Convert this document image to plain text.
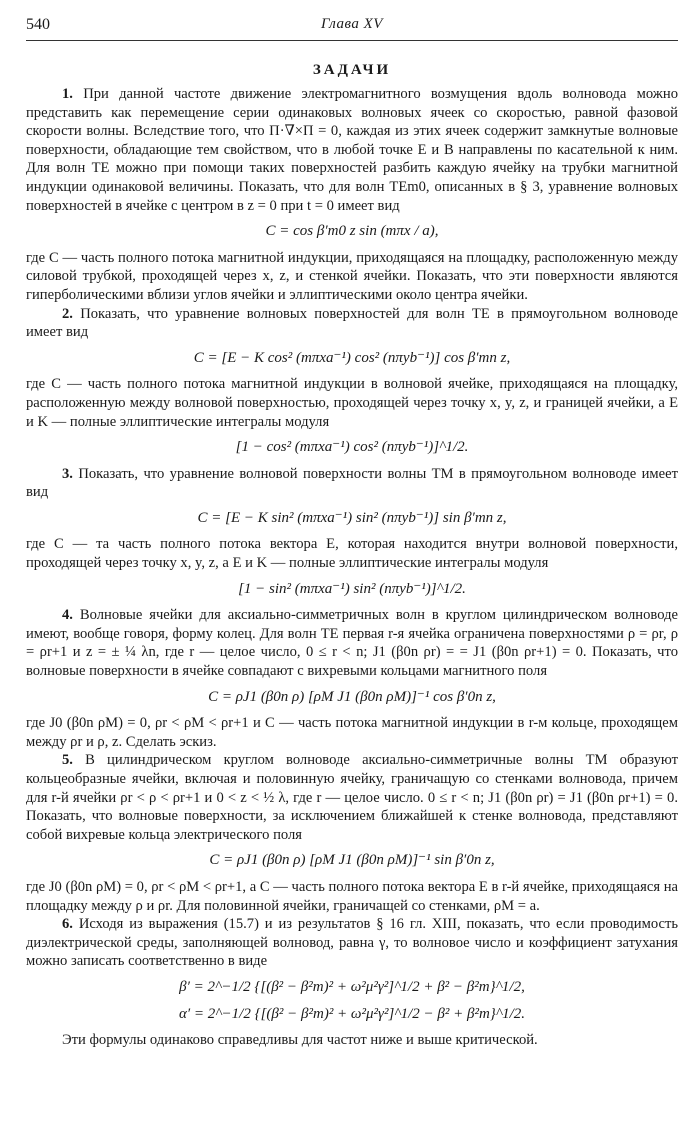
540	Глава XV
ЗАДАЧИ

1. При данной частоте движение электромагнитного возмущения вдоль волновода можно представить как перемещение серии одинаковых волновых ячеек со скоростью, равной фазовой скорости волны. Вследствие того, что Π·∇×Π = 0, каждая из этих ячеек содержит замкнутые волновые поверхности, обладающие тем свойством, что в любой точке E и B направлены по касательной к ним. Для волн TE можно при помощи таких поверхностей разбить каждую ячейку на трубки магнитной индукции одинаковой величины. Показать, что для волн TEm0, описанных в § 3, уравнение волновых поверхностей в ячейке с центром в z = 0 при t = 0 имеет вид

C = cos β′m0 z sin (mπx / a),

где C — часть полного потока магнитной индукции, приходящаяся на площадку, расположенную между силовой трубкой, проходящей через x, z, и стенкой ячейки. Показать, что эти поверхности являются гиперболическими вблизи углов ячейки и эллиптическими около центра ячейки.

2. Показать, что уравнение волновых поверхностей для волн TE в прямоугольном волноводе имеет вид

C = [E − K cos² (mπxa⁻¹) cos² (nπyb⁻¹)] cos β′mn z,

где C — часть полного потока магнитной индукции в волновой ячейке, приходящаяся на площадку, расположенную между волновой поверхностью, проходящей через точку x, y, z, и границей ячейки, а E и K — полные эллиптические интегралы модуля

[1 − cos² (mπxa⁻¹) cos² (nπyb⁻¹)]^1/2.

3. Показать, что уравнение волновой поверхности волны TM в прямоугольном волноводе имеет вид

C = [E − K sin² (mπxa⁻¹) sin² (nπyb⁻¹)] sin β′mn z,

где C — та часть полного потока вектора E, которая находится внутри волновой поверхности, проходящей через точку x, y, z, а E и K — полные эллиптические интегралы модуля

[1 − sin² (mπxa⁻¹) sin² (nπyb⁻¹)]^1/2.

4. Волновые ячейки для аксиально-симметричных волн в круглом цилиндрическом волноводе имеют, вообще говоря, форму колец. Для волн TE первая r-я ячейка ограничена поверхностями ρ = ρr, ρ = ρr+1 и z = ± ¼ λn, где r — целое число, 0 ≤ r < n; J1 (β0n ρr) = = J1 (β0n ρr+1) = 0. Показать, что волновые поверхности в ячейке совпадают с вихревыми кольцами магнитного поля

C = ρJ1 (β0n ρ) [ρM J1 (β0n ρM)]⁻¹ cos β′0n z,

где J0 (β0n ρM) = 0, ρr < ρM < ρr+1 и C — часть потока магнитной индукции в r-м кольце, проходящем между ρr и ρ, z. Сделать эскиз.

5. В цилиндрическом круглом волноводе аксиально-симметричные волны TM образуют кольцеобразные ячейки, включая и половинную ячейку, граничащую со стенками волновода, причем для r-й ячейки ρr < ρ < ρr+1 и 0 < z < ½ λ, где r — целое число. 0 ≤ r < n; J1 (β0n ρr) = J1 (β0n ρr+1) = 0. Показать, что волновые поверхности, за исключением ближайшей к стенке волновода, представляют собой вихревые кольца электрического поля

C = ρJ1 (β0n ρ) [ρM J1 (β0n ρM)]⁻¹ sin β′0n z,

где J0 (β0n ρM) = 0, ρr < ρM < ρr+1, а C — часть полного потока вектора E в r-й ячейке, приходящаяся на площадку между ρ и ρr. Для половинной ячейки, граничащей со стенками, ρM = a.

6. Исходя из выражения (15.7) и из результатов § 16 гл. XIII, показать, что если проводимость диэлектрической среды, заполняющей волновод, равна γ, то волновое число и коэффициент затухания можно записать соответственно в виде

β′ = 2^−1/2 {[(β² − β²m)² + ω²μ²γ²]^1/2 + β² − β²m}^1/2,
α′ = 2^−1/2 {[(β² − β²m)² + ω²μ²γ²]^1/2 − β² + β²m}^1/2.

Эти формулы одинаково справедливы для частот ниже и выше критической.
